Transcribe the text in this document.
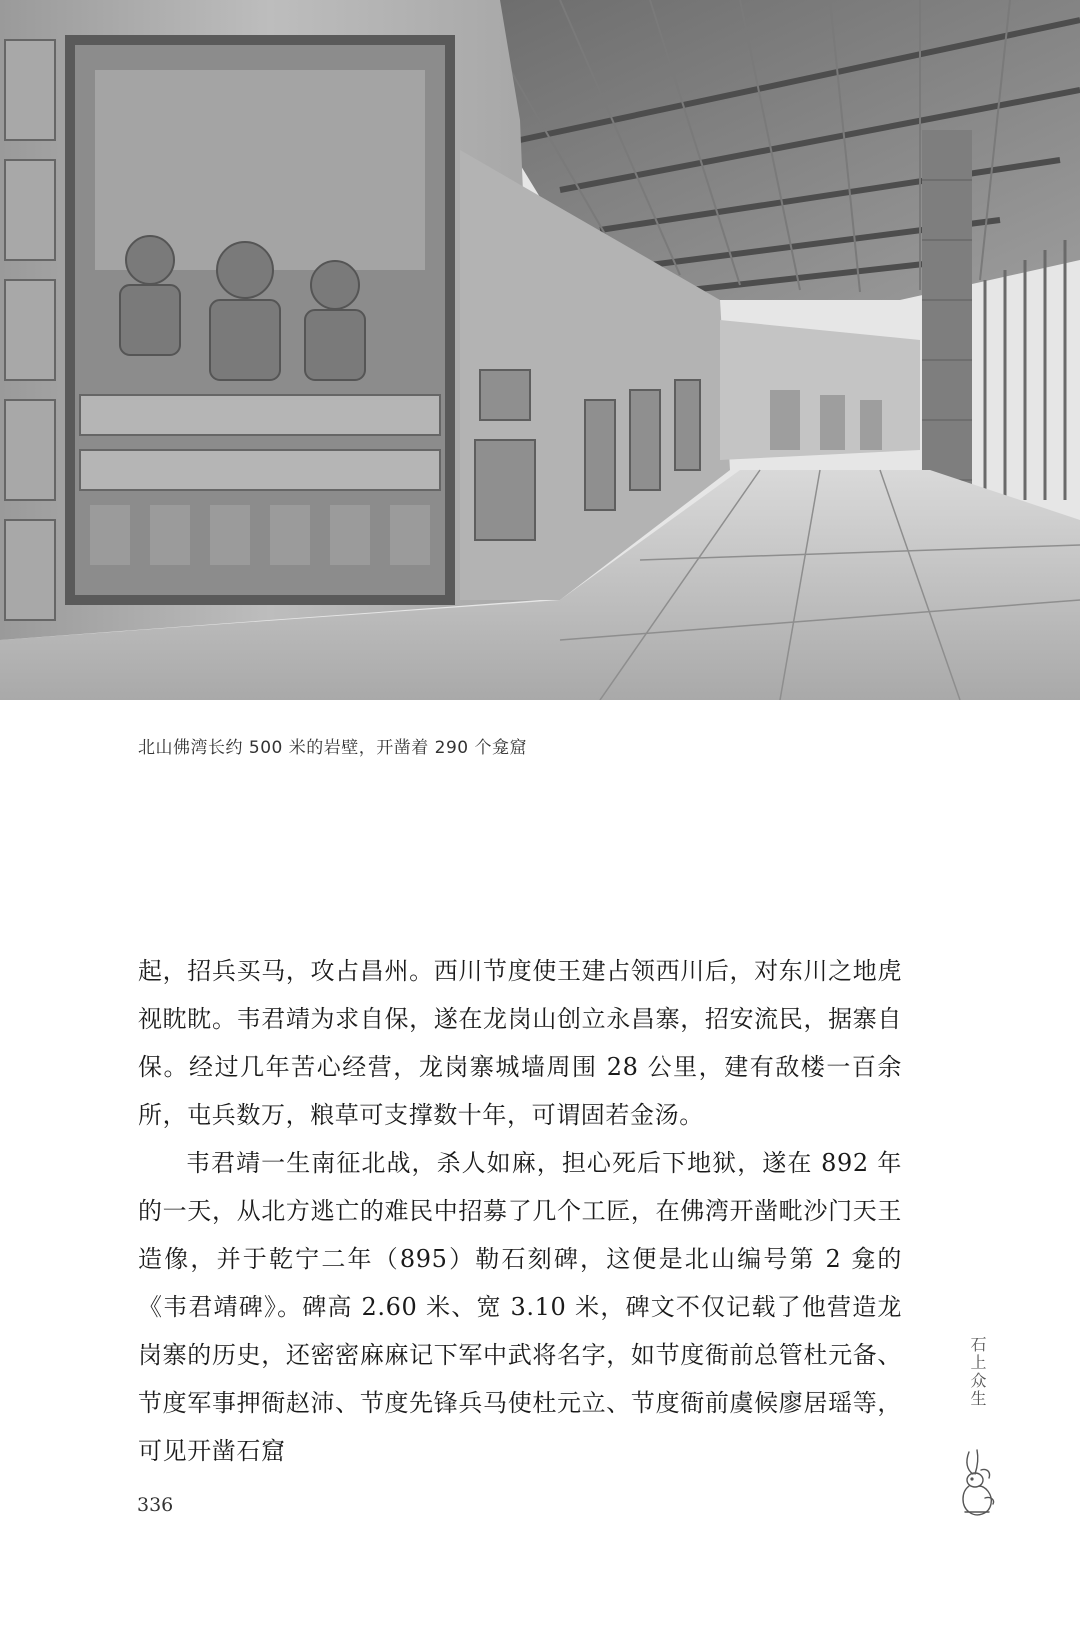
北山佛湾长约 500 米的岩壁，开凿着 290 个龛窟

起，招兵买马，攻占昌州。西川节度使王建占领西川后，对东川之地虎视眈眈。韦君靖为求自保，遂在龙岗山创立永昌寨，招安流民，据寨自保。经过几年苦心经营，龙岗寨城墙周围 28 公里，建有敌楼一百余所，屯兵数万，粮草可支撑数十年，可谓固若金汤。

韦君靖一生南征北战，杀人如麻，担心死后下地狱，遂在 892 年的一天，从北方逃亡的难民中招募了几个工匠，在佛湾开凿毗沙门天王造像，并于乾宁二年（895）勒石刻碑，这便是北山编号第 2 龛的《韦君靖碑》。碑高 2.60 米、宽 3.10 米，碑文不仅记载了他营造龙岗寨的历史，还密密麻麻记下军中武将名字，如节度衙前总管杜元备、节度军事押衙赵沛、节度先锋兵马使杜元立、节度衙前虞候廖居瑶等，可见开凿石窟

石上众生
336
